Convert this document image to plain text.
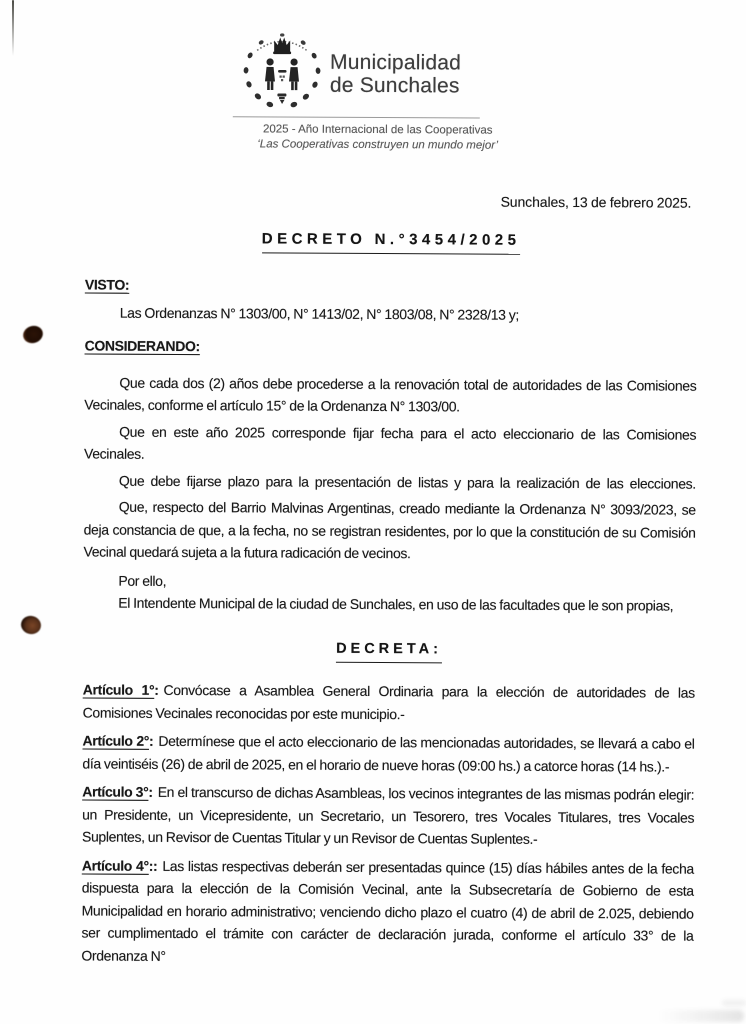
Municipalidad
de Sunchales
2025 - Año Internacional de las Cooperativas
‘Las Cooperativas construyen un mundo mejor’
Sunchales, 13 de febrero 2025.
DECRETO N.°3454/2025
VISTO:
Las Ordenanzas N° 1303/00, N° 1413/02, N° 1803/08, N° 2328/13 y;
CONSIDERANDO:
Que cada dos (2) años debe procederse a la renovación total de autoridades de las Comisiones Vecinales, conforme el artículo 15° de la Ordenanza N° 1303/00.
Que en este año 2025 corresponde fijar fecha para el acto eleccionario de las Comisiones Vecinales.
Que debe fijarse plazo para la presentación de listas y para la realización de las elecciones.
Que, respecto del Barrio Malvinas Argentinas, creado mediante la Ordenanza N° 3093/2023, se deja constancia de que, a la fecha, no se registran residentes, por lo que la constitución de su Comisión Vecinal quedará sujeta a la futura radicación de vecinos.
Por ello,
El Intendente Municipal de la ciudad de Sunchales, en uso de las facultades que le son propias,
DECRETA:
Artículo 1°: Convócase a Asamblea General Ordinaria para la elección de autoridades de las Comisiones Vecinales reconocidas por este municipio.-
Artículo 2°: Determínese que el acto eleccionario de las mencionadas autoridades, se llevará a cabo el día veintiséis (26) de abril de 2025, en el horario de nueve horas (09:00 hs.) a catorce horas (14 hs.).-
Artículo 3°: En el transcurso de dichas Asambleas, los vecinos integrantes de las mismas podrán elegir: un Presidente, un Vicepresidente, un Secretario, un Tesorero, tres Vocales Titulares, tres Vocales Suplentes, un Revisor de Cuentas Titular y un Revisor de Cuentas Suplentes.-
Artículo 4°:: Las listas respectivas deberán ser presentadas quince (15) días hábiles antes de la fecha dispuesta para la elección de la Comisión Vecinal, ante la Subsecretaría de Gobierno de esta Municipalidad en horario administrativo; venciendo dicho plazo el cuatro (4) de abril de 2.025, debiendo ser cumplimentado el trámite con carácter de declaración jurada, conforme el artículo 33° de la Ordenanza N°
